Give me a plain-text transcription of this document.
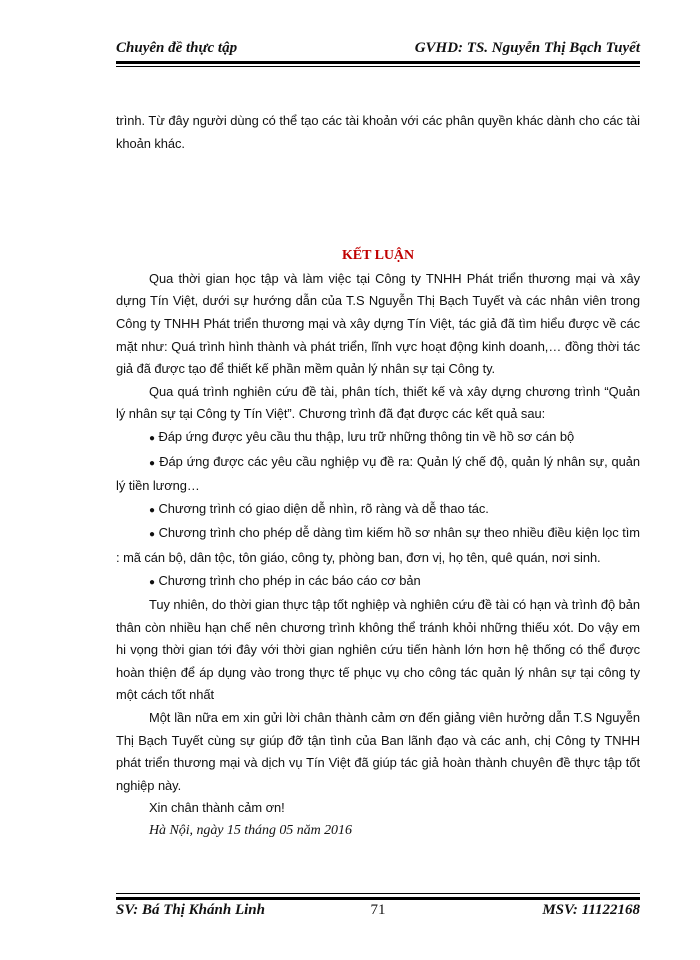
Chuyên đề thực tập	GVHD: TS. Nguyễn Thị Bạch Tuyết

trình. Từ đây người dùng có thể tạo các tài khoản với các phân quyền khác dành cho các tài khoản khác.

KẾT LUẬN

Qua thời gian học tập và làm việc tại Công ty TNHH Phát triển thương mại và xây dựng Tín Việt, dưới sự hướng dẫn của T.S Nguyễn Thị Bạch Tuyết và các nhân viên trong Công ty TNHH Phát triển thương mại và xây dựng Tín Việt, tác giả đã tìm hiểu được về các mặt như: Quá trình hình thành và phát triển, lĩnh vực hoạt động kinh doanh,… đồng thời tác giả đã được tạo để thiết kế phần mềm quản lý nhân sự tại Công ty.

Qua quá trình nghiên cứu đề tài, phân tích, thiết kế và xây dựng chương trình “Quản lý nhân sự tại Công ty Tín Việt”. Chương trình đã đạt được các kết quả sau:

● Đáp ứng được yêu cầu thu thập, lưu trữ những thông tin về hồ sơ cán bộ

● Đáp ứng được các yêu cầu nghiệp vụ đề ra: Quản lý chế độ, quản lý nhân sự, quản lý tiền lương…

● Chương trình có giao diện dễ nhìn, rõ ràng và dễ thao tác.

● Chương trình cho phép dễ dàng tìm kiếm hồ sơ nhân sự theo nhiều điều kiện lọc tìm : mã cán bộ, dân tộc, tôn giáo, công ty, phòng ban, đơn vị, họ tên, quê quán, nơi sinh.

● Chương trình cho phép in các báo cáo cơ bản

Tuy nhiên, do thời gian thực tập tốt nghiệp và nghiên cứu đề tài có hạn và trình độ bản thân còn nhiều hạn chế nên chương trình không thể tránh khỏi những thiếu xót. Do vậy em hi vọng thời gian tới đây với thời gian nghiên cứu tiến hành lớn hơn hệ thống có thể được hoàn thiện để áp dụng vào trong thực tế phục vụ cho công tác quản lý nhân sự tại công ty một cách tốt nhất

Một lần nữa em xin gửi lời chân thành cảm ơn đến giảng viên hưởng dẫn T.S Nguyễn Thị Bạch Tuyết cùng sự giúp đỡ tận tình của Ban lãnh đạo và các anh, chị Công ty TNHH phát triển thương mại và dịch vụ Tín Việt đã giúp tác giả hoàn thành chuyên đề thực tập tốt nghiệp này.

Xin chân thành cảm ơn!

Hà Nội, ngày 15 tháng 05 năm 2016

SV: Bá Thị Khánh Linh	71	MSV: 11122168
